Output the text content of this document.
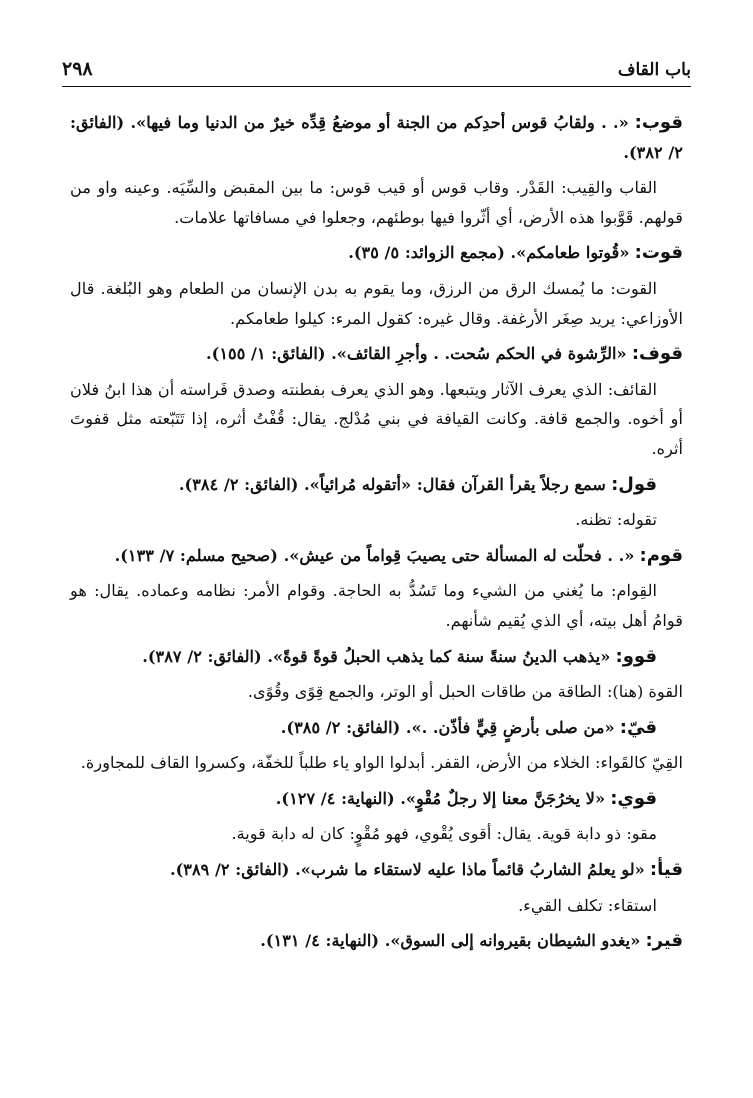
باب القاف
٢٩٨

قوب: «. . ولقابُ قوس أحدِكم من الجنة أو موضعُ قِدِّه خيرٌ من الدنيا وما فيها». (الفائق: ٢/ ٣٨٢).

القاب والقِيب: القَدْر. وقاب قوس أو قيب قوس: ما بين المقبض والسِّيَه. وعينه واو من قولهم. قَوَّبوا هذه الأرض، أي أثّروا فيها بوطئهم، وجعلوا في مسافاتها علامات.

قوت: «قُوتوا طعامكم». (مجمع الزوائد: ٥/ ٣٥).

القوت: ما يُمسك الرق من الرزق، وما يقوم به بدن الإنسان من الطعام وهو البُلغة. قال الأوزاعي: يريد صِغَر الأرغفة. وقال غيره: كقول المرء: كيلوا طعامكم.

قوف: «الرِّشوة في الحكم سُحت. . وأجرِ القائف». (الفائق: ١/ ١٥٥).

القائف: الذي يعرف الآثار ويتبعها. وهو الذي يعرف بفطنته وصدق فَراسته أن هذا ابنُ فلان أو أخوه. والجمع قافة. وكانت القيافة في بني مُدْلج. يقال: قُفْتُ أثره، إذا تَتَبّعته مثل قفوتَ أثره.

قول: سمع رجلاً يقرأ القرآن فقال: «أتقوله مُرائياً». (الفائق: ٢/ ٣٨٤).

تقوله: تظنه.

قوم: «. . فحلّت له المسألة حتى يصيبَ قِواماً من عيش». (صحيح مسلم: ٧/ ١٣٣).

القِوام: ما يُغني من الشيء وما تَسُدُّ به الحاجة. وقوام الأمر: نظامه وعماده. يقال: هو قوامُ أهل بيته، أي الذي يُقيم شأنهم.

قوو: «يذهب الدينُ سنةً سنة كما يذهب الحبلُ قوةً قوةً». (الفائق: ٢/ ٣٨٧).

القوة (هنا): الطاقة من طاقات الحبل أو الوتر، والجمع قِوًى وقُوًى.

قيّ: «من صلى بأرضٍ قِيٍّ فأذّن. .». (الفائق: ٢/ ٣٨٥).

القِيّ كالقَواء: الخلاء من الأرض، القفر. أبدلوا الواو ياء طلباً للخفّة، وكسروا القاف للمجاورة.

قوي: «لا يخرُجَنَّ معنا إلا رجلٌ مُقْوٍ». (النهاية: ٤/ ١٢٧).

مقو: ذو دابة قوية. يقال: أقوى يُقْوي، فهو مُقْوٍ: كان له دابة قوية.

قيأ: «لو يعلمُ الشاربُ قائماً ماذا عليه لاستقاء ما شرب». (الفائق: ٢/ ٣٨٩).

استقاء: تكلف القيء.

قير: «يغدو الشيطان بقيروانه إلى السوق». (النهاية: ٤/ ١٣١).
